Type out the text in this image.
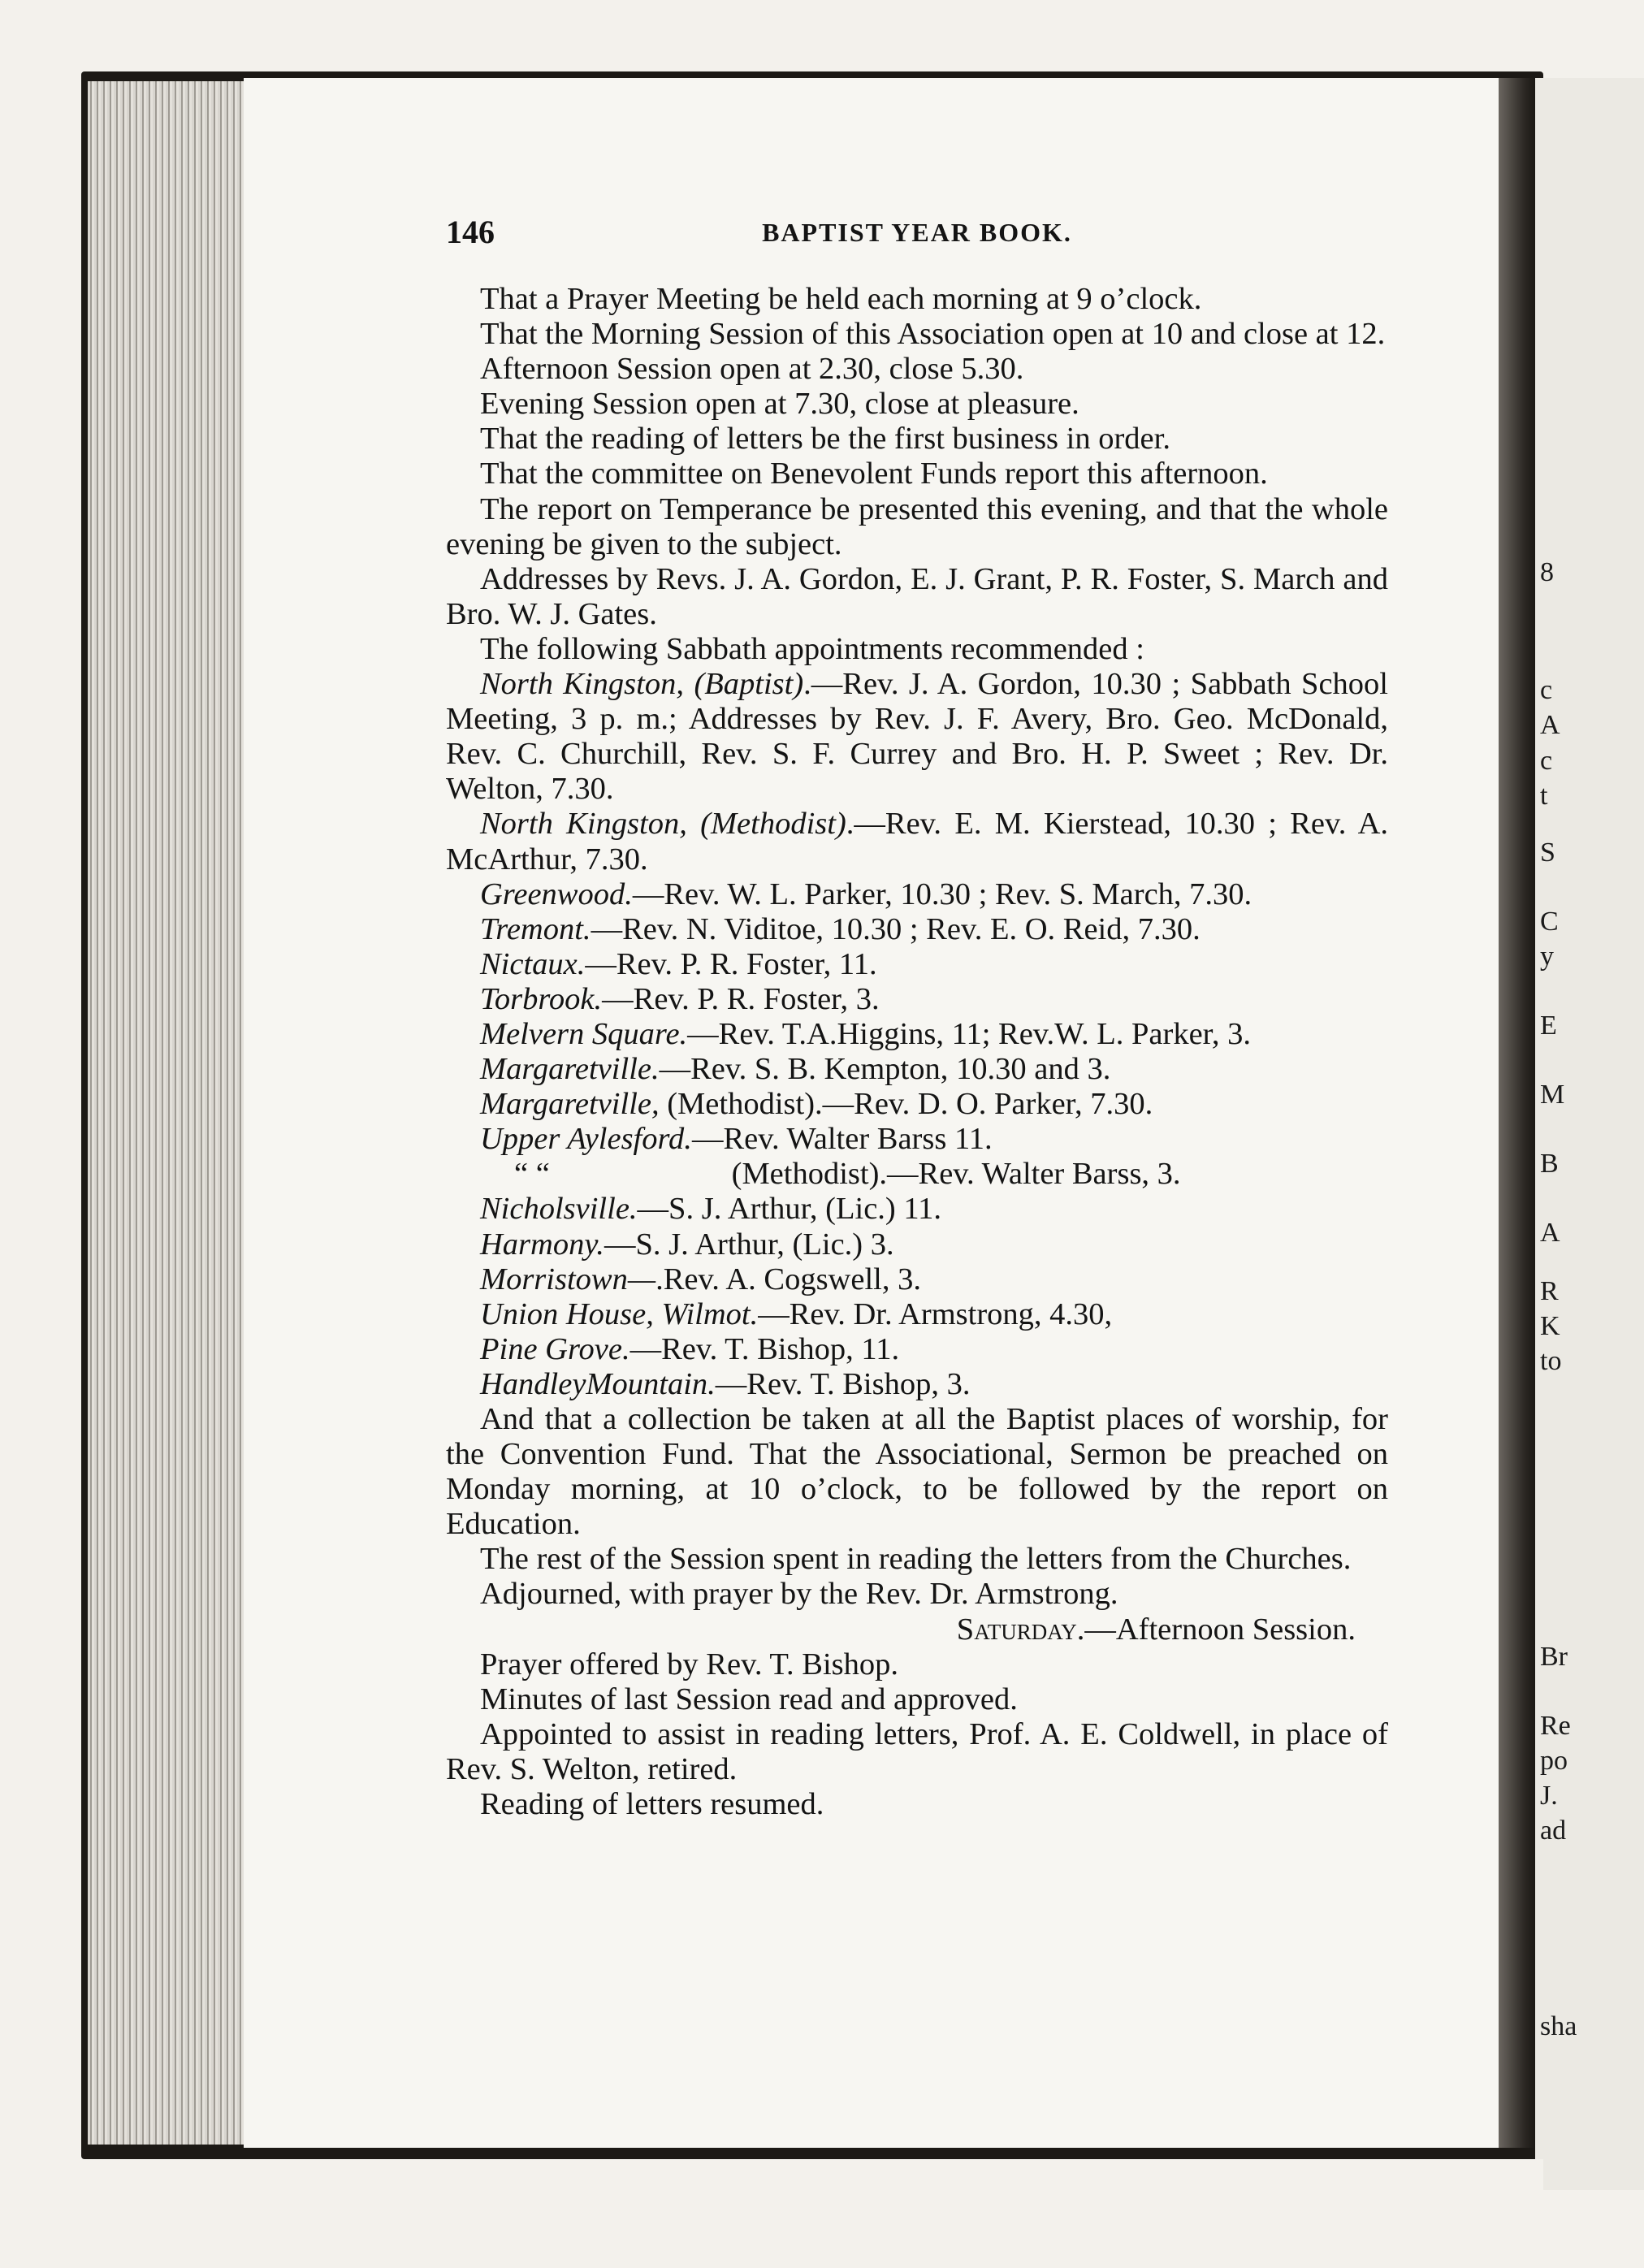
8
c
A
c
t
S
C
y
E
M
B
A
R
K
to
Br
Re
po
J.
ad
sha
146	BAPTIST YEAR BOOK.

That a Prayer Meeting be held each morning at 9 o’clock.

That the Morning Session of this Association open at 10 and close at 12.

Afternoon Session open at 2.30, close 5.30.

Evening Session open at 7.30, close at pleasure.

That the reading of letters be the first business in order.

That the committee on Benevolent Funds report this afternoon.

The report on Temperance be presented this evening, and that the whole evening be given to the subject.

Addresses by Revs. J. A. Gordon, E. J. Grant, P. R. Foster, S. March and Bro. W. J. Gates.

The following Sabbath appointments recommended :

North Kingston, (Baptist).—Rev. J. A. Gordon, 10.30 ; Sabbath School Meeting, 3 p. m.; Addresses by Rev. J. F. Avery, Bro. Geo. McDonald, Rev. C. Churchill, Rev. S. F. Currey and Bro. H. P. Sweet ; Rev. Dr. Welton, 7.30.

North Kingston, (Methodist).—Rev. E. M. Kierstead, 10.30 ; Rev. A. McArthur, 7.30.

Greenwood.—Rev. W. L. Parker, 10.30 ; Rev. S. March, 7.30.

Tremont.—Rev. N. Viditoe, 10.30 ; Rev. E. O. Reid, 7.30.

Nictaux.—Rev. P. R. Foster, 11.

Torbrook.—Rev. P. R. Foster, 3.

Melvern Square.—Rev. T.A.Higgins, 11; Rev.W. L. Parker, 3.

Margaretville.—Rev. S. B. Kempton, 10.30 and 3.

Margaretville, (Methodist).—Rev. D. O. Parker, 7.30.

Upper Aylesford.—Rev. Walter Barss 11.

“ “	(Methodist).—Rev. Walter Barss, 3.

Nicholsville.—S. J. Arthur, (Lic.) 11.

Harmony.—S. J. Arthur, (Lic.) 3.

Morristown—.Rev. A. Cogswell, 3.

Union House, Wilmot.—Rev. Dr. Armstrong, 4.30,

Pine Grove.—Rev. T. Bishop, 11.

HandleyMountain.—Rev. T. Bishop, 3.

And that a collection be taken at all the Baptist places of worship, for the Convention Fund. That the Associational, Sermon be preached on Monday morning, at 10 o’clock, to be followed by the report on Education.

The rest of the Session spent in reading the letters from the Churches.

Adjourned, with prayer by the Rev. Dr. Armstrong.

Saturday.—Afternoon Session.

Prayer offered by Rev. T. Bishop.

Minutes of last Session read and approved.

Appointed to assist in reading letters, Prof. A. E. Coldwell, in place of Rev. S. Welton, retired.

Reading of letters resumed.
